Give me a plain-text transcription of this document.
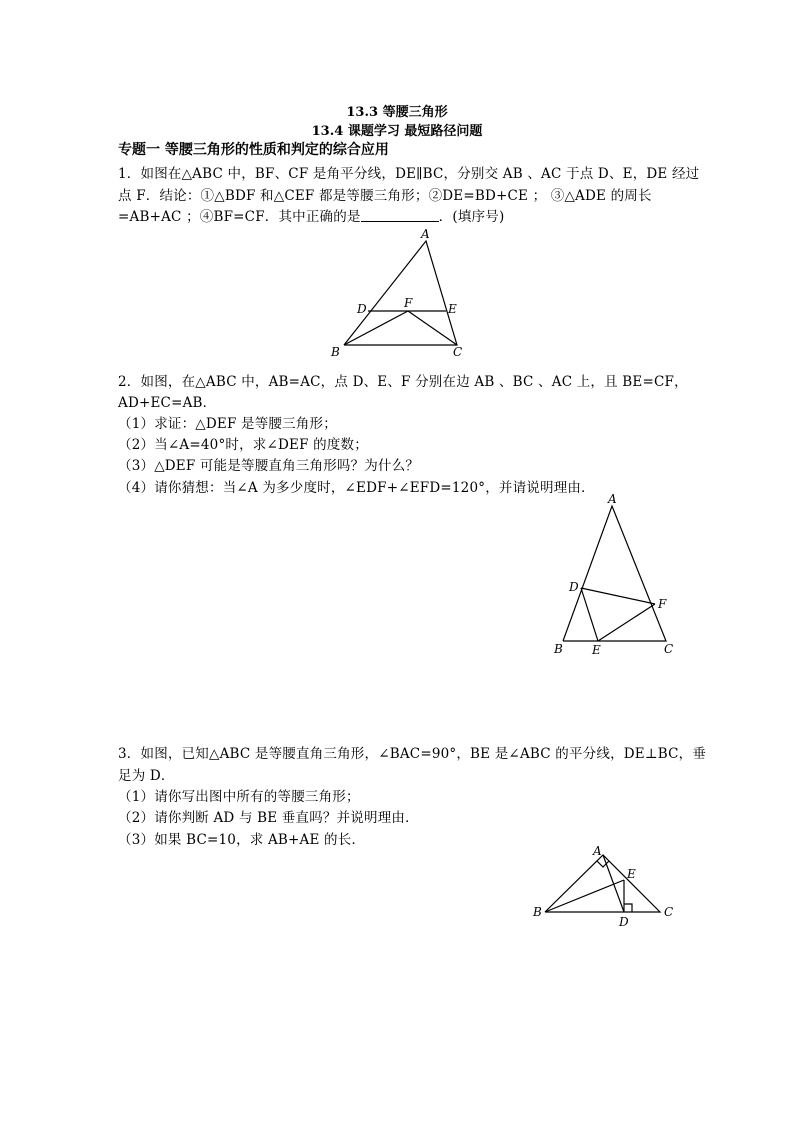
13.3 等腰三角形
13.4 课题学习 最短路径问题
专题一 等腰三角形的性质和判定的综合应用
1．如图在△ABC 中，BF、CF 是角平分线，DE∥BC，分别交 AB 、AC 于点 D、E，DE 经过
点 F．结论：①△BDF 和△CEF 都是等腰三角形；②DE=BD+CE ； ③△ADE 的周长
=AB+AC ；④BF=CF．其中正确的是	．(填序号)
A
B	C
D	E
F
A
B	C
D
E
F
A
B	C
D
E
2．如图，在△ABC 中，AB=AC，点 D、E、F 分别在边 AB 、BC 、AC 上，且 BE=CF，
AD+EC=AB．
（1）求证：△DEF 是等腰三角形；
（2）当∠A=40°时，求∠DEF 的度数；
（3）△DEF 可能是等腰直角三角形吗？为什么？
（4）请你猜想：当∠A 为多少度时，∠EDF+∠EFD=120°，并请说明理由．
3．如图，已知△ABC 是等腰直角三角形，∠BAC=90°，BE 是∠ABC 的平分线，DE⊥BC，垂
足为 D．
（1）请你写出图中所有的等腰三角形；
（2）请你判断 AD 与 BE 垂直吗？并说明理由．
（3）如果 BC=10，求 AB+AE 的长．
